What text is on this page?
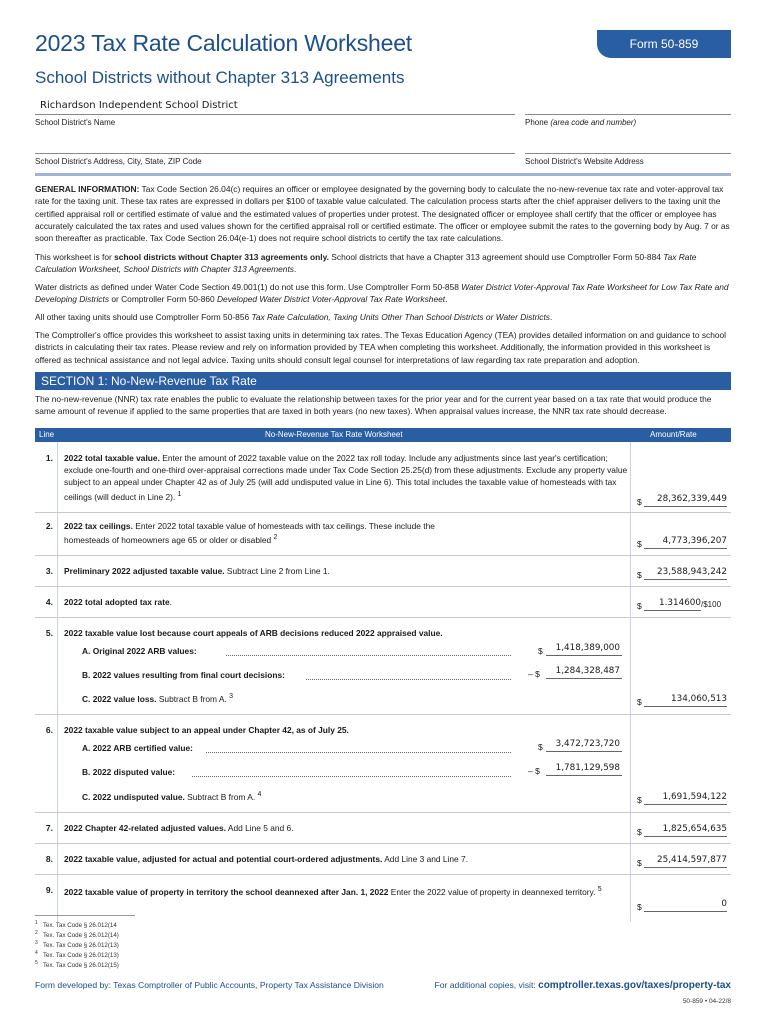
2023 Tax Rate Calculation Worksheet	Form 50-859
School Districts without Chapter 313 Agreements
Richardson Independent School District
School District's Name	Phone (area code and number)
School District's Address, City, State, ZIP Code	School District's Website Address
GENERAL INFORMATION: Tax Code Section 26.04(c) requires an officer or employee designated by the governing body to calculate the no-new-revenue tax rate and voter-approval tax rate for the taxing unit. These tax rates are expressed in dollars per $100 of taxable value calculated. The calculation process starts after the chief appraiser delivers to the taxing unit the certified appraisal roll or certified estimate of value and the estimated values of properties under protest. The designated officer or employee shall certify that the officer or employee has accurately calculated the tax rates and used values shown for the certified appraisal roll or certified estimate. The officer or employee submit the rates to the governing body by Aug. 7 or as soon thereafter as practicable. Tax Code Section 26.04(e-1) does not require school districts to certify the tax rate calculations.
This worksheet is for school districts without Chapter 313 agreements only. School districts that have a Chapter 313 agreement should use Comptroller Form 50-884 Tax Rate Calculation Worksheet, School Districts with Chapter 313 Agreements.
Water districts as defined under Water Code Section 49.001(1) do not use this form. Use Comptroller Form 50-858 Water District Voter-Approval Tax Rate Worksheet for Low Tax Rate and Developing Districts or Comptroller Form 50-860 Developed Water District Voter-Approval Tax Rate Worksheet.
All other taxing units should use Comptroller Form 50-856 Tax Rate Calculation, Taxing Units Other Than School Districts or Water Districts.
The Comptroller's office provides this worksheet to assist taxing units in determining tax rates. The Texas Education Agency (TEA) provides detailed information on and guidance to school districts in calculating their tax rates. Please review and rely on information provided by TEA when completing this worksheet. Additionally, the information provided in this worksheet is offered as technical assistance and not legal advice. Taxing units should consult legal counsel for interpretations of law regarding tax rate preparation and adoption.
SECTION 1: No-New-Revenue Tax Rate
The no-new-revenue (NNR) tax rate enables the public to evaluate the relationship between taxes for the prior year and for the current year based on a tax rate that would produce the same amount of revenue if applied to the same properties that are taxed in both years (no new taxes). When appraisal values increase, the NNR tax rate should decrease.
Line	No-New-Revenue Tax Rate Worksheet	Amount/Rate
1. 2022 total taxable value. Enter the amount of 2022 taxable value on the 2022 tax roll today. Include any adjustments since last year's certification; exclude one-fourth and one-third over-appraisal corrections made under Tax Code Section 25.25(d) from these adjustments. Exclude any property value subject to an appeal under Chapter 42 as of July 25 (will add undisputed value in Line 6). This total includes the taxable value of homesteads with tax ceilings (will deduct in Line 2). $^1$
$ 28,362,339,449
2. 2022 tax ceilings. Enter 2022 total taxable value of homesteads with tax ceilings. These include the homesteads of homeowners age 65 or older or disabled $^2$
$ 4,773,396,207
3. Preliminary 2022 adjusted taxable value. Subtract Line 2 from Line 1.	$ 23,588,943,242
4. 2022 total adopted tax rate.	$ 1.314600 /$100
5. 2022 taxable value lost because court appeals of ARB decisions reduced 2022 appraised value.
A. Original 2022 ARB values:	$ 1,418,389,000
B. 2022 values resulting from final court decisions:	– $ 1,284,328,487
C. 2022 value loss. Subtract B from A. $^3$
$	134,060,513
6. 2022 taxable value subject to an appeal under Chapter 42, as of July 25.
A. 2022 ARB certified value:	$ 3,472,723,720
B. 2022 disputed value:	– $ 1,781,129,598
C. 2022 undisputed value. Subtract B from A. $^4$
$ 1,691,594,122
7. 2022 Chapter 42-related adjusted values. Add Line 5 and 6.	$ 1,825,654,635
8. 2022 taxable value, adjusted for actual and potential court-ordered adjustments. Add Line 3 and Line 7.	$ 25,414,597,877
9. 2022 taxable value of property in territory the school deannexed after Jan. 1, 2022 Enter the 2022 value of property in deannexed territory. $^5$
$	0
$^1$ Tex. Tax Code § 26.012(14
$^2$ Tex. Tax Code § 26.012(14)
$^3$ Tex. Tax Code § 26.012(13)
$^4$ Tex. Tax Code § 26.012(13)
$^5$ Tex. Tax Code § 26.012(15)
Form developed by: Texas Comptroller of Public Accounts, Property Tax Assistance Division	For additional copies, visit: comptroller.texas.gov/taxes/property-tax
50-859 • 04-22/8
